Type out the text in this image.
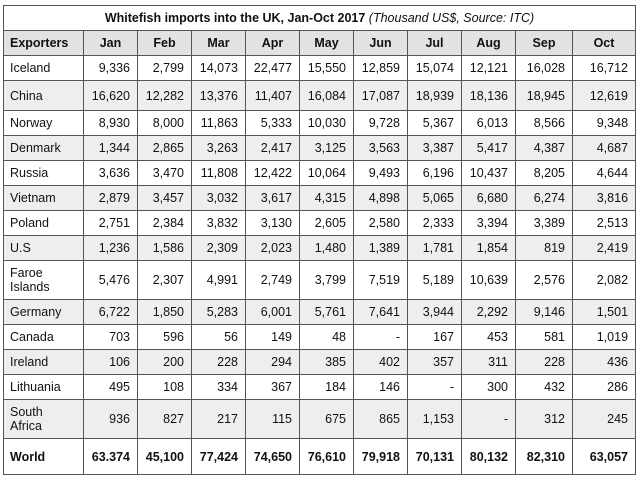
Whitefish imports into the UK, Jan-Oct 2017 (Thousand US$, Source: ITC)										
Exporters	Jan	Feb	Mar	Apr	May	Jun	Jul	Aug	Sep	Oct
Iceland	9,336	2,799	14,073	22,477	15,550	12,859	15,074	12,121	16,028	16,712
China	16,620	12,282	13,376	11,407	16,084	17,087	18,939	18,136	18,945	12,619
Norway	8,930	8,000	11,863	5,333	10,030	9,728	5,367	6,013	8,566	9,348
Denmark	1,344	2,865	3,263	2,417	3,125	3,563	3,387	5,417	4,387	4,687
Russia	3,636	3,470	11,808	12,422	10,064	9,493	6,196	10,437	8,205	4,644
Vietnam	2,879	3,457	3,032	3,617	4,315	4,898	5,065	6,680	6,274	3,816
Poland	2,751	2,384	3,832	3,130	2,605	2,580	2,333	3,394	3,389	2,513
U.S	1,236	1,586	2,309	2,023	1,480	1,389	1,781	1,854	819	2,419
Faroe Islands	5,476	2,307	4,991	2,749	3,799	7,519	5,189	10,639	2,576	2,082
Germany	6,722	1,850	5,283	6,001	5,761	7,641	3,944	2,292	9,146	1,501
Canada	703	596	56	149	48	-	167	453	581	1,019
Ireland	106	200	228	294	385	402	357	311	228	436
Lithuania	495	108	334	367	184	146	-	300	432	286
South Africa	936	827	217	115	675	865	1,153	-	312	245
World	63.374	45,100	77,424	74,650	76,610	79,918	70,131	80,132	82,310	63,057
